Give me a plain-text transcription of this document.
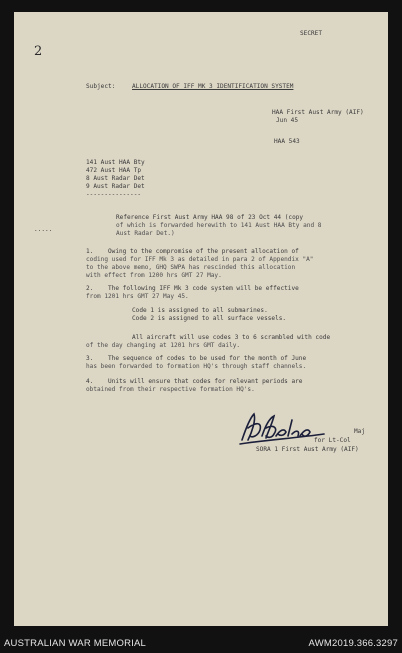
SECRET

2

Subject:	ALLOCATION OF IFF MK 3 IDENTIFICATION SYSTEM

HAA First Aust Army (AIF)

Jun 45

HAA 543

141 Aust HAA Bty

472 Aust HAA Tp

8 Aust Radar Det

9 Aust Radar Det

---------------

.....

Reference First Aust Army HAA 98 of 23 Oct 44 (copy

of which is forwarded herewith to 141 Aust HAA Bty and 8

Aust Radar Det.)

1.    Owing to the compromise of the present allocation of

coding used for IFF Mk 3 as detailed in para 2 of Appendix "A"

to the above memo, GHQ SWPA has rescinded this allocation

with effect from 1200 hrs GMT 27 May.

2.    The following IFF Mk 3 code system will be effective

from 1201 hrs GMT 27 May 45.

Code 1 is assigned to all submarines.

Code 2 is assigned to all surface vessels.

All aircraft will use codes 3 to 6 scrambled with code

of the day changing at 1201 hrs GMT daily.

3.    The sequence of codes to be used for the month of June

has been forwarded to formation HQ's through staff channels.

4.    Units will ensure that codes for relevant periods are

obtained from their respective formation HQ's.

Maj

for Lt-Col

SORA 1 First Aust Army (AIF)

AUSTRALIAN WAR MEMORIAL	AWM2019.366.3297
